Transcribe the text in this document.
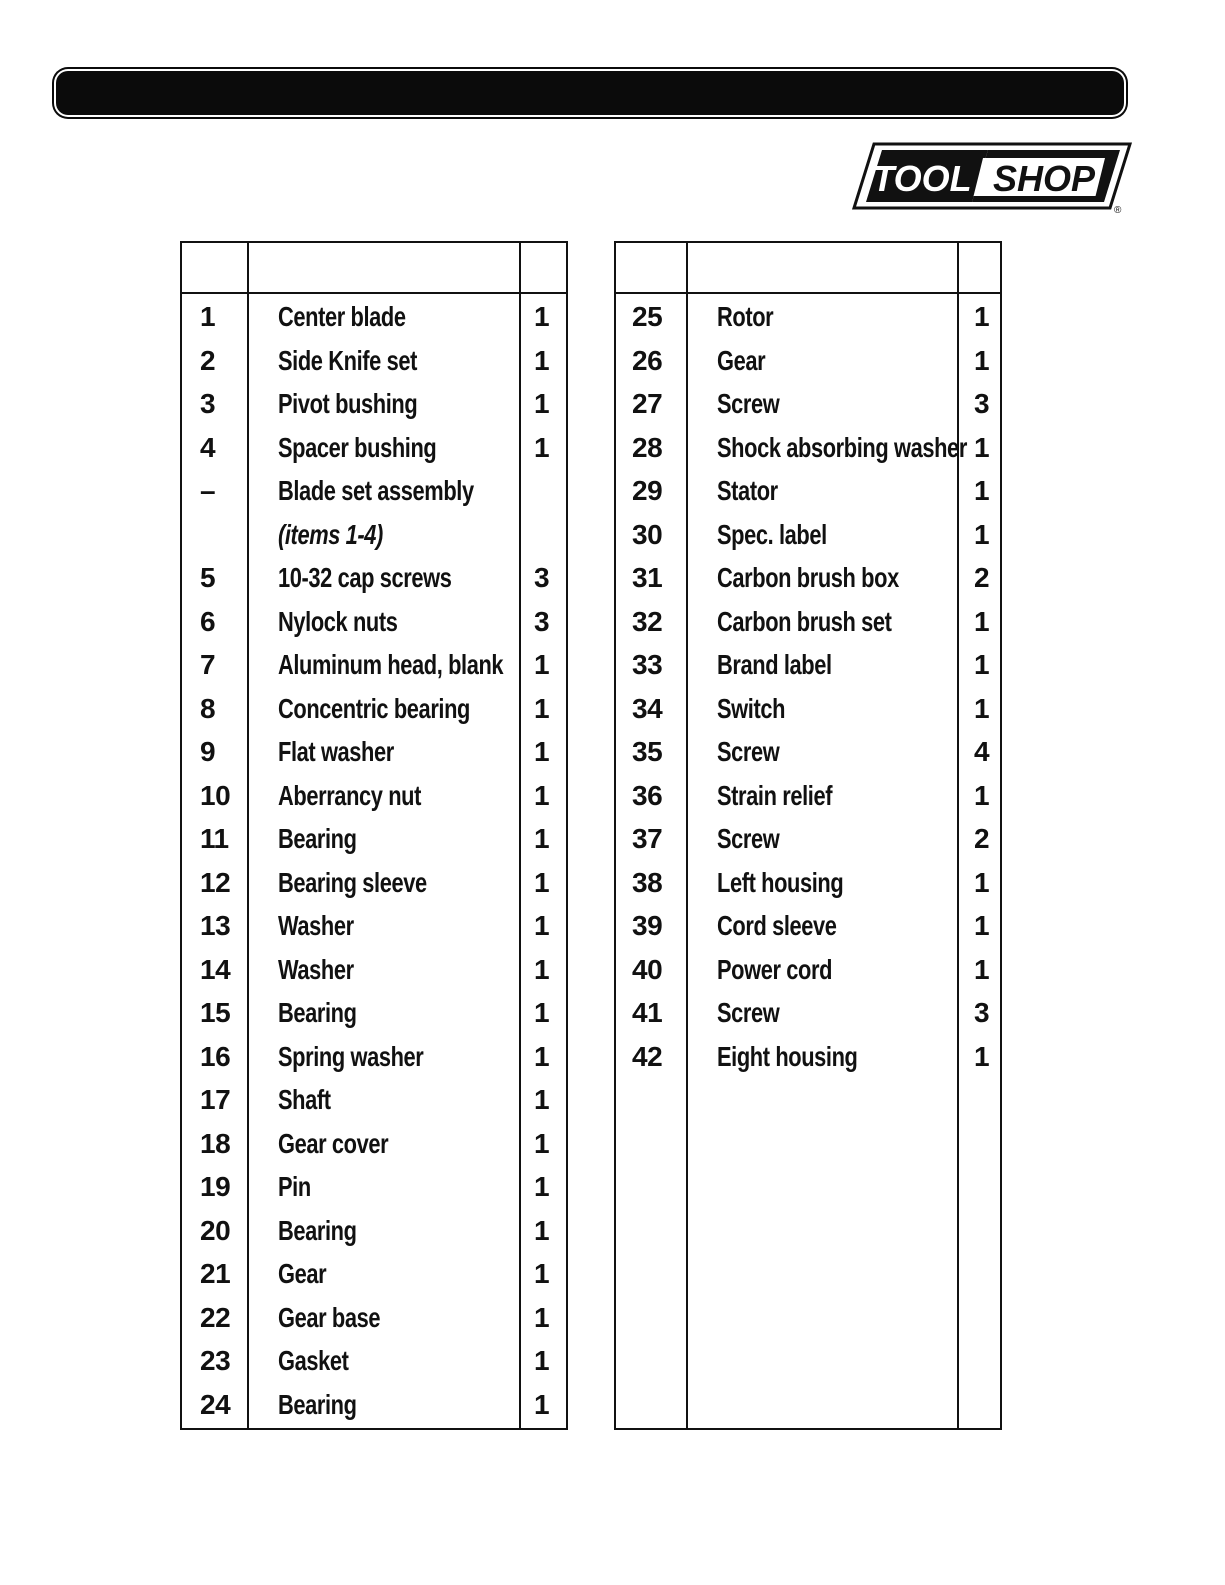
TOOL SHOP
®
1	Center blade	1
2	Side Knife set	1
3	Pivot bushing	1
4	Spacer bushing	1
–	Blade set assembly
(items 1-4)
5	10-32 cap screws	3
6	Nylock nuts	3
7	Aluminum head, blank 1
8	Concentric bearing 1
9	Flat washer	1
10	Aberrancy nut	1
11	Bearing	1
12	Bearing sleeve	1
13	Washer	1
14	Washer	1
15	Bearing	1
16	Spring washer	1
17	Shaft	1
18	Gear cover	1
19	Pin	1
20	Bearing	1
21	Gear	1
22	Gear base	1
23	Gasket	1
24	Bearing	1
25	Rotor	1
26	Gear	1
27	Screw	3
28	Shock absorbing washer 1
29	Stator	1
30	Spec. label	1
31	Carbon brush box	2
32	Carbon brush set	1
33	Brand label	1
34	Switch	1
35	Screw	4
36	Strain relief	1
37	Screw	2
38	Left housing	1
39	Cord sleeve	1
40	Power cord	1
41	Screw	3
42	Eight housing	1
